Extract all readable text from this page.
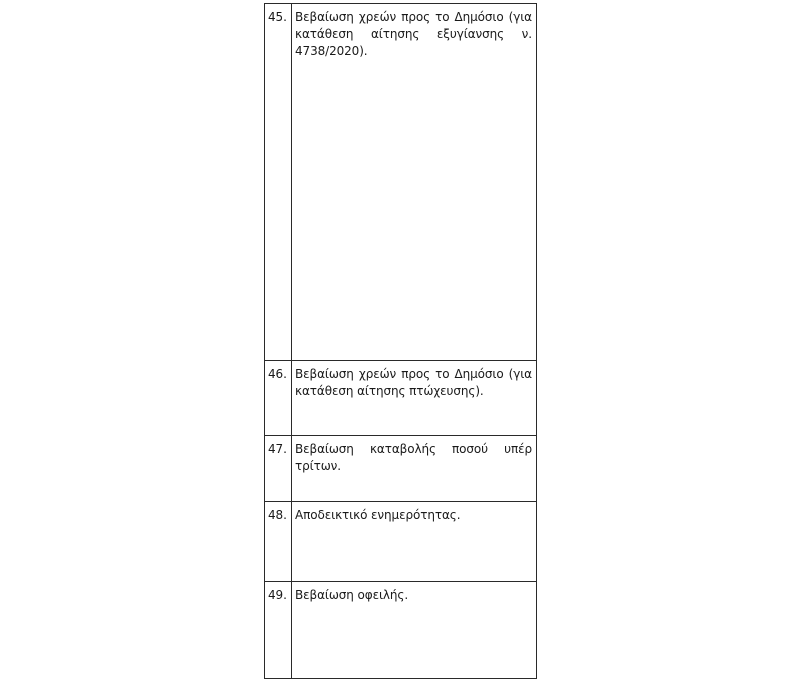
45.	Βεβαίωση χρεών προς το Δημόσιο (για κατάθεση αίτησης εξυγίανσης ν. 4738/2020).

46.	Βεβαίωση χρεών προς το Δημόσιο (για κατάθεση αίτησης πτώχευσης).

47.	Βεβαίωση καταβολής ποσού υπέρ τρίτων.

48.	Αποδεικτικό ενημερότητας.

49.	Βεβαίωση οφειλής.
